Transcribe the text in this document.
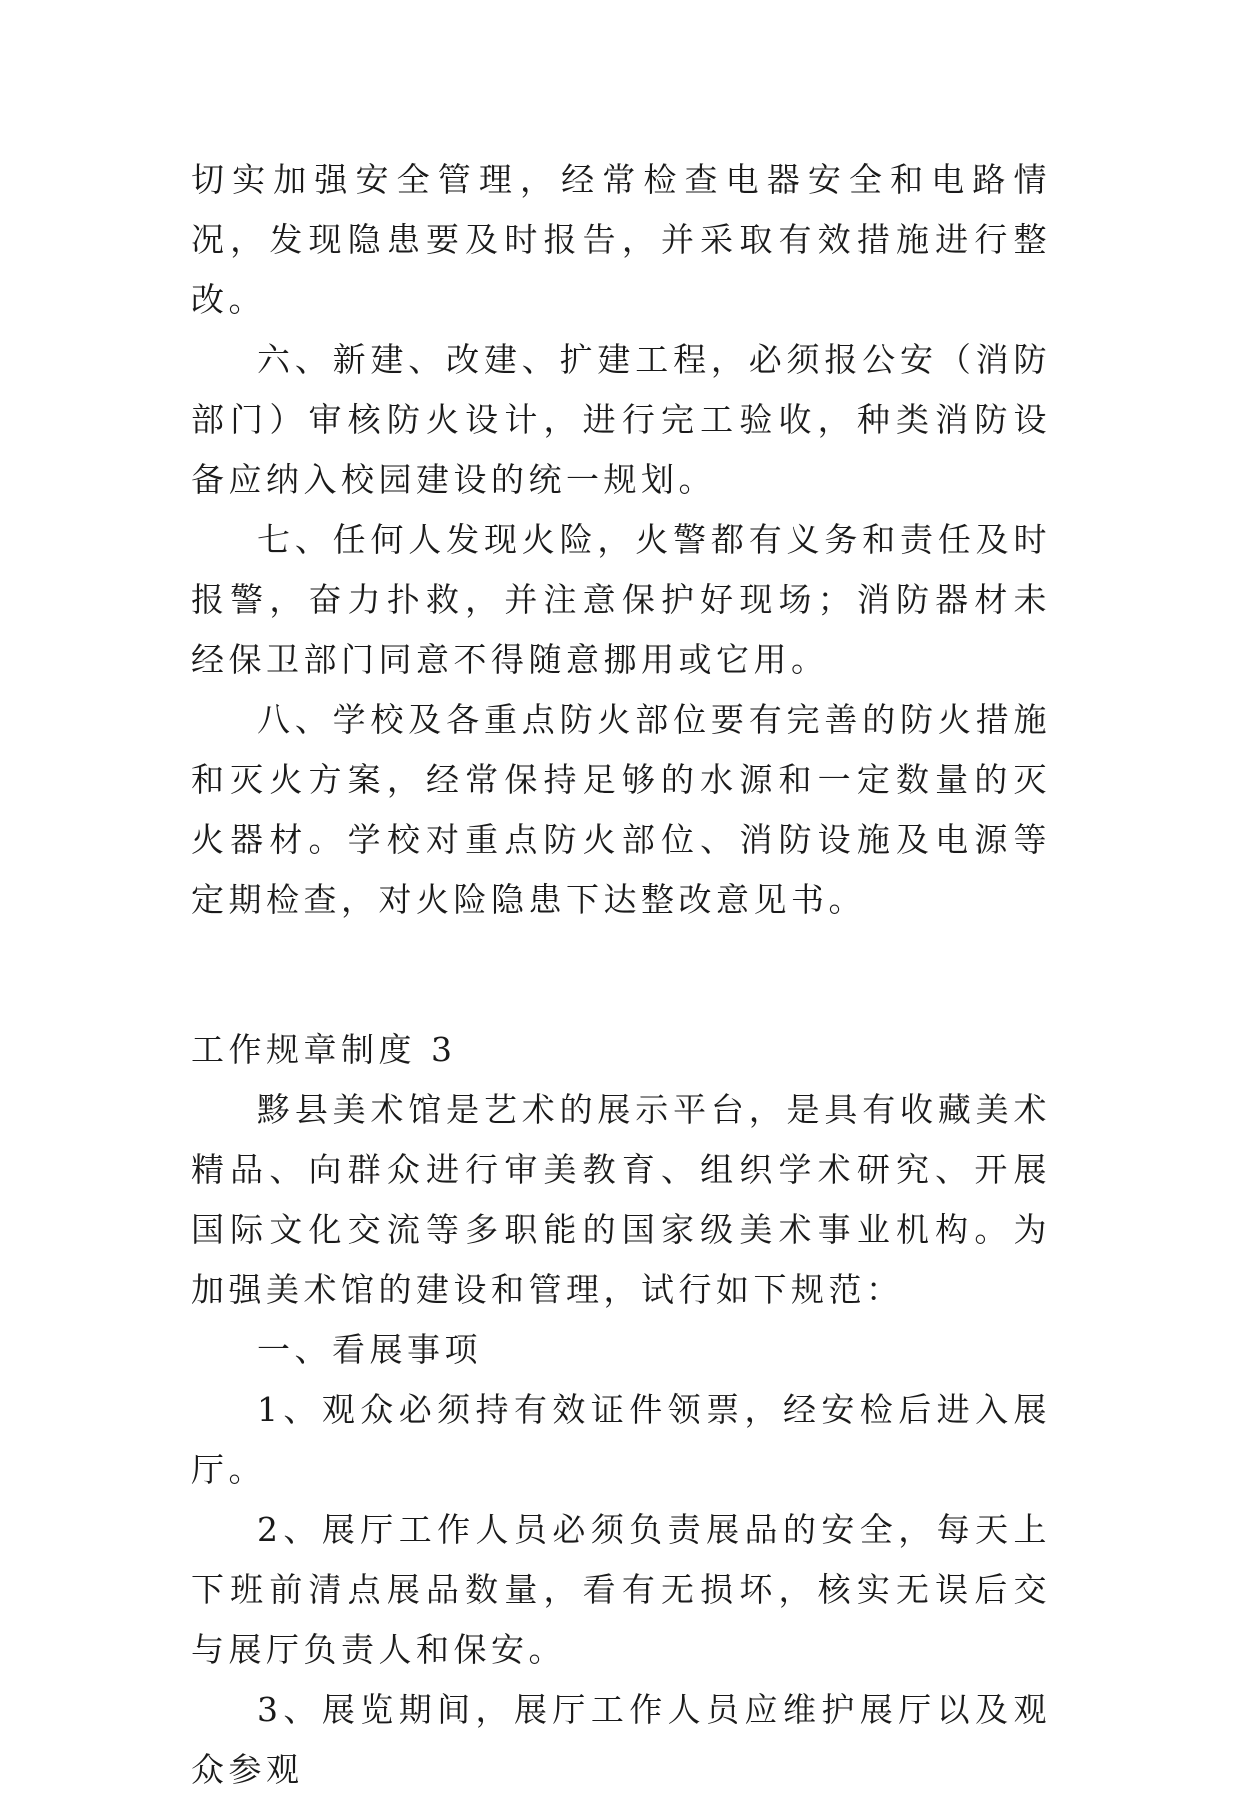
切实加强安全管理，经常检查电器安全和电路情况，发现隐患要及时报告，并采取有效措施进行整改。

六、新建、改建、扩建工程，必须报公安（消防部门）审核防火设计，进行完工验收，种类消防设备应纳入校园建设的统一规划。

七、任何人发现火险，火警都有义务和责任及时报警，奋力扑救，并注意保护好现场；消防器材未经保卫部门同意不得随意挪用或它用。

八、学校及各重点防火部位要有完善的防火措施和灭火方案，经常保持足够的水源和一定数量的灭火器材。学校对重点防火部位、消防设施及电源等定期检查，对火险隐患下达整改意见书。

工作规章制度 3

黟县美术馆是艺术的展示平台，是具有收藏美术精品、向群众进行审美教育、组织学术研究、开展国际文化交流等多职能的国家级美术事业机构。为加强美术馆的建设和管理，试行如下规范：

一、看展事项

1、观众必须持有效证件领票，经安检后进入展厅。

2、展厅工作人员必须负责展品的安全，每天上下班前清点展品数量，看有无损坏，核实无误后交与展厅负责人和保安。

3、展览期间，展厅工作人员应维护展厅以及观众参观
